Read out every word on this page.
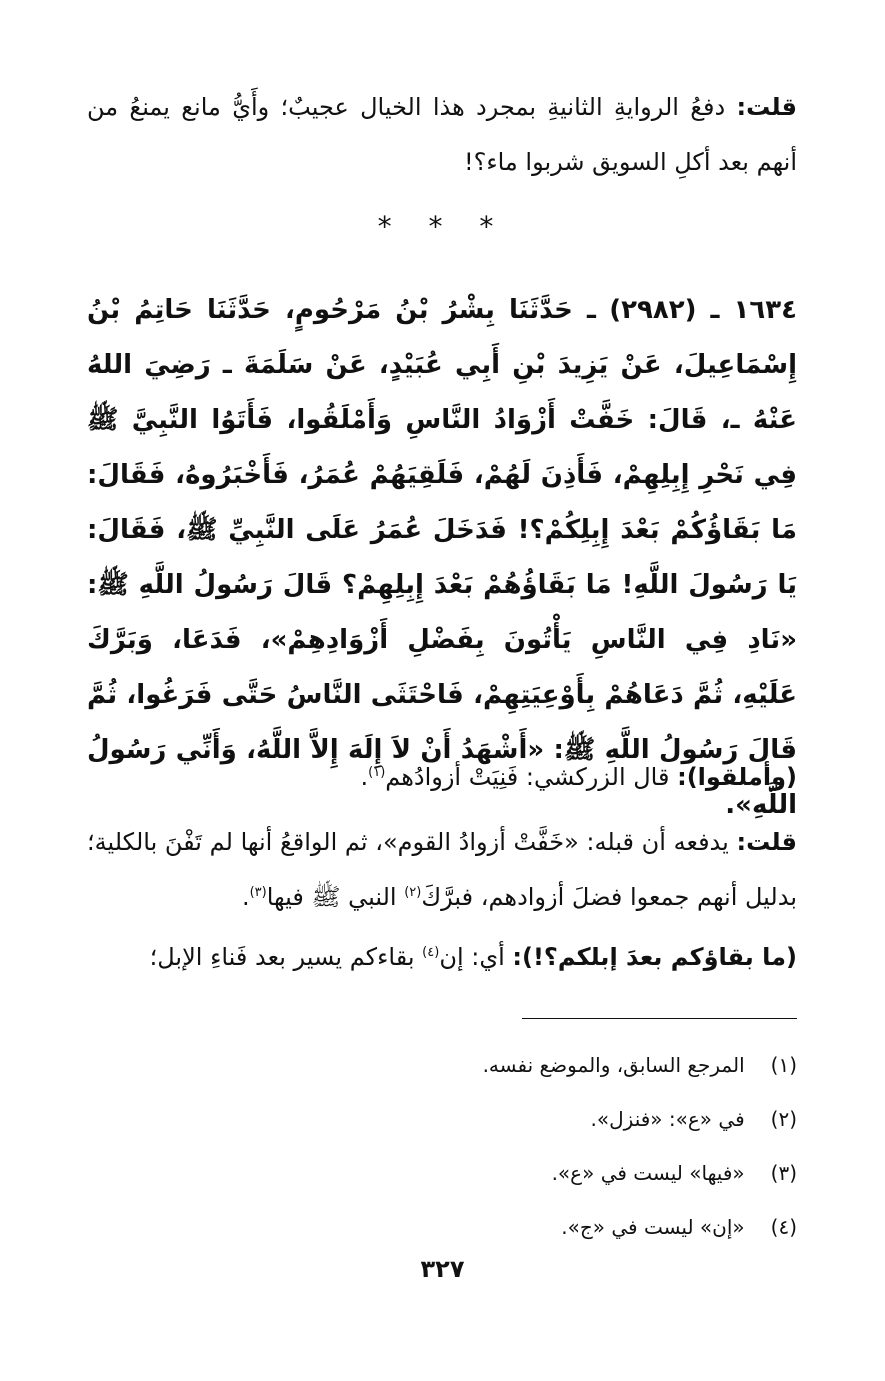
قلت: دفعُ الروايةِ الثانيةِ بمجرد هذا الخيال عجيبٌ؛ وأَيُّ مانع يمنعُ من أنهم بعد أكلِ السويق شربوا ماء؟!

* * *

١٦٣٤ ـ (٢٩٨٢) ـ حَدَّثَنَا بِشْرُ بْنُ مَرْحُومٍ، حَدَّثَنَا حَاتِمُ بْنُ إِسْمَاعِيلَ، عَنْ يَزِيدَ بْنِ أَبِي عُبَيْدٍ، عَنْ سَلَمَةَ ـ رَضِيَ اللهُ عَنْهُ ـ، قَالَ: خَفَّتْ أَزْوَادُ النَّاسِ وَأَمْلَقُوا، فَأَتَوُا النَّبِيَّ ﷺ فِي نَحْرِ إِبِلِهِمْ، فَأَذِنَ لَهُمْ، فَلَقِيَهُمْ عُمَرُ، فَأَخْبَرُوهُ، فَقَالَ: مَا بَقَاؤُكُمْ بَعْدَ إِبِلِكُمْ؟! فَدَخَلَ عُمَرُ عَلَى النَّبِيِّ ﷺ، فَقَالَ: يَا رَسُولَ اللَّهِ! مَا بَقَاؤُهُمْ بَعْدَ إِبِلِهِمْ؟ قَالَ رَسُولُ اللَّهِ ﷺ: «نَادِ فِي النَّاسِ يَأْتُونَ بِفَضْلِ أَزْوَادِهِمْ»، فَدَعَا، وَبَرَّكَ عَلَيْهِ، ثُمَّ دَعَاهُمْ بِأَوْعِيَتِهِمْ، فَاحْتَثَى النَّاسُ حَتَّى فَرَغُوا، ثُمَّ قَالَ رَسُولُ اللَّهِ ﷺ: «أَشْهَدُ أَنْ لاَ إِلَهَ إِلاَّ اللَّهُ، وَأَنِّي رَسُولُ اللَّهِ».

(وأملقوا): قال الزركشي: فَنِيَتْ أزوادُهم$^{(١)}$.

قلت: يدفعه أن قبله: «خَفَّتْ أزوادُ القوم»، ثم الواقعُ أنها لم تَفْنَ بالكلية؛ بدليل أنهم جمعوا فضلَ أزوادهم، فبرَّكَ$^{(٢)}$ النبي ﷺ فيها$^{(٣)}$.

(ما بقاؤكم بعدَ إبلكم؟!): أي: إن$^{(٤)}$ بقاءكم يسير بعد فَناءِ الإبل؛

(١) المرجع السابق، والموضع نفسه.
(٢) في «ع»: «فنزل».
(٣) «فيها» ليست في «ع».
(٤) «إن» ليست في «ج».
٣٢٧
